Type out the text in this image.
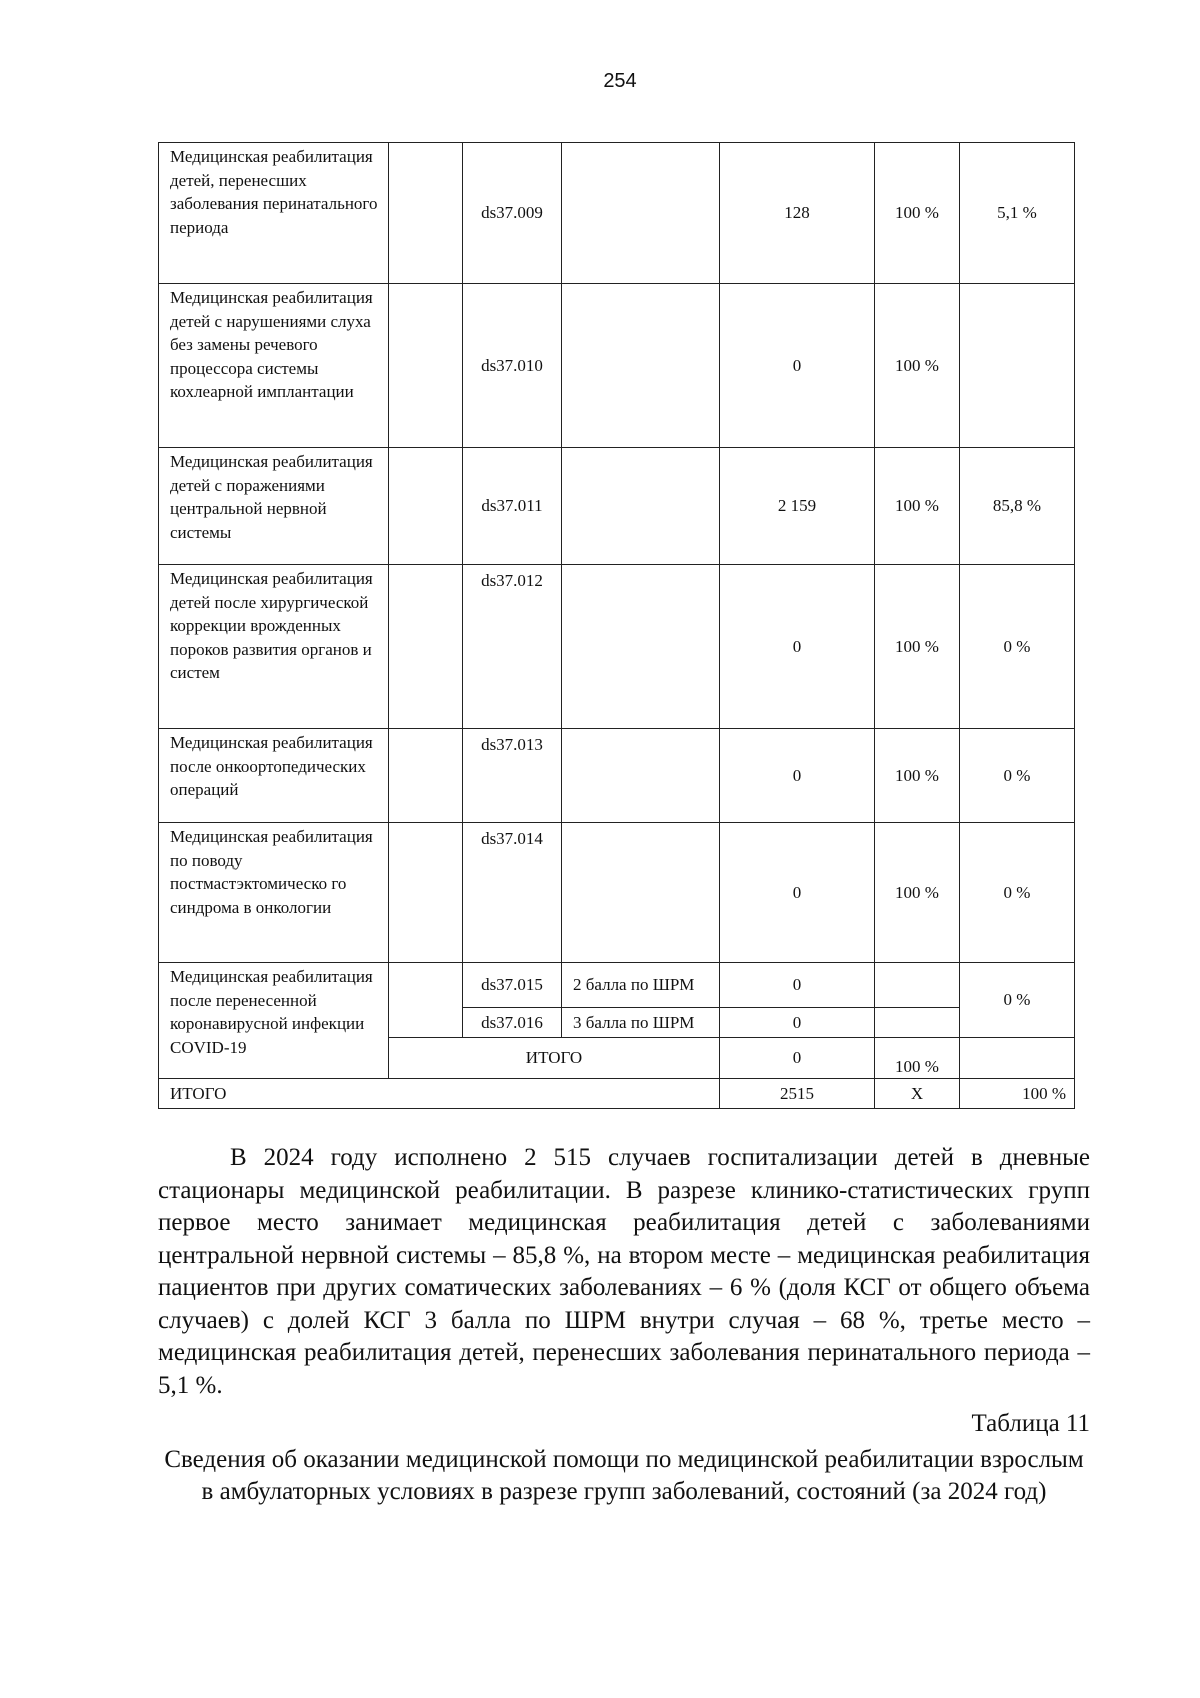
254
Медицинская реабилитация детей, перенесших заболевания перинатального периода		ds37.009		128	100 %	5,1 %
Медицинская реабилитация детей с нарушениями слуха без замены речевого процессора системы кохлеарной имплантации		ds37.010		0	100 %	
Медицинская реабилитация детей с поражениями центральной нервной системы		ds37.011		2 159	100 %	85,8 %
Медицинская реабилитация детей после хирургической коррекции врожденных пороков развития органов и систем		ds37.012		0	100 %	0 %
Медицинская реабилитация после онкоортопедических операций		ds37.013		0	100 %	0 %
Медицинская реабилитация по поводу постмастэктомическо го синдрома в онкологии		ds37.014		0	100 %	0 %
Медицинская реабилитация после перенесенной коронавирусной инфекции COVID-19		ds37.015	2 балла по ШРМ	0		0 %
		ds37.016	3 балла по ШРМ	0		
	ИТОГО			0	100 %	
ИТОГО				2515	Х	100 %

В 2024 году исполнено 2 515 случаев госпитализации детей в дневные стационары медицинской реабилитации. В разрезе клинико-статистических групп первое место занимает медицинская реабилитация детей с заболеваниями центральной нервной системы – 85,8 %, на втором месте – медицинская реабилитация пациентов при других соматических заболеваниях – 6 % (доля КСГ от общего объема случаев) с долей КСГ 3 балла по ШРМ внутри случая – 68 %, третье место – медицинская реабилитация детей, перенесших заболевания перинатального периода – 5,1 %.

Таблица 11
Сведения об оказании медицинской помощи по медицинской реабилитации взрослым в амбулаторных условиях в разрезе групп заболеваний, состояний (за 2024 год)
